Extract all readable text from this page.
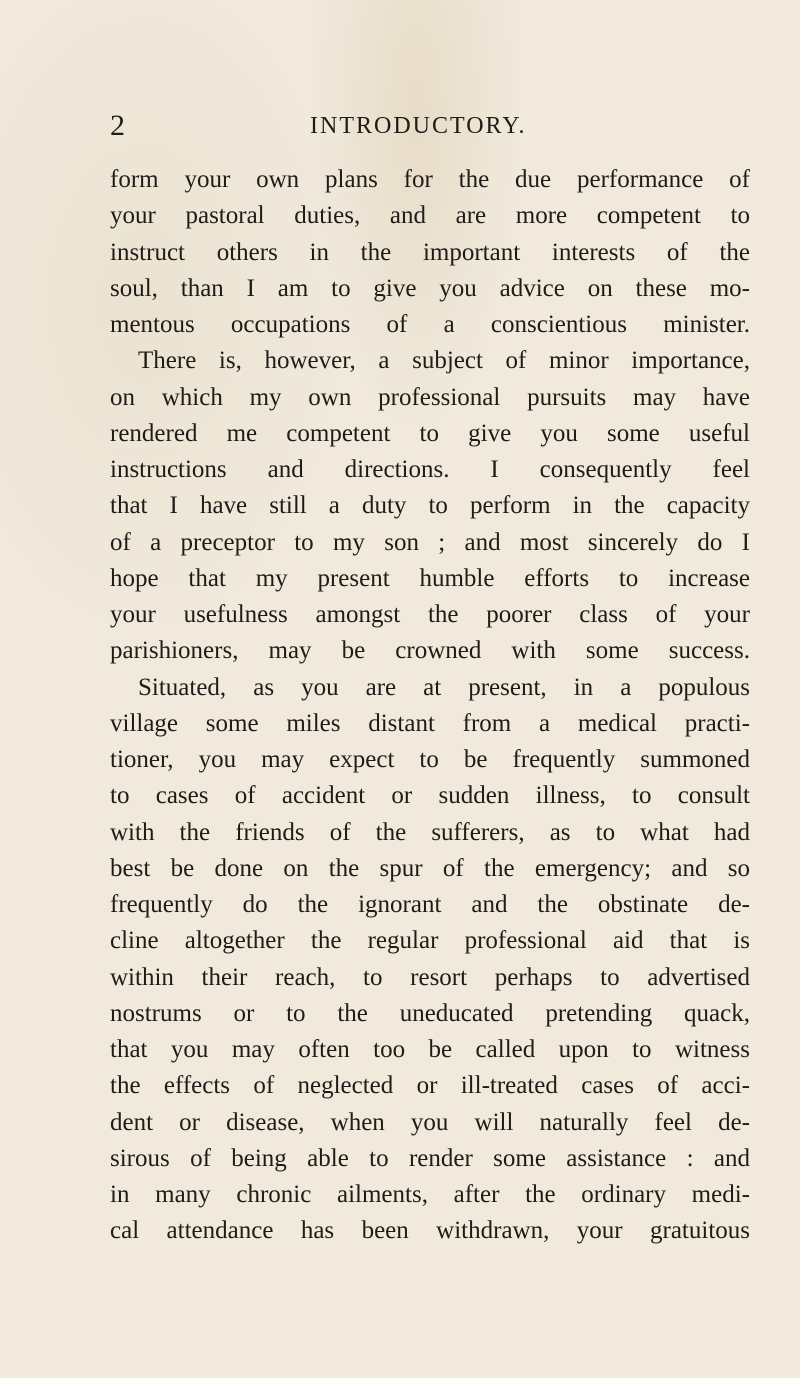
2	INTRODUCTORY.
form your own plans for the due performance of
your pastoral duties, and are more competent to
instruct others in the important interests of the
soul, than I am to give you advice on these mo-
mentous occupations of a conscientious minister.
There is, however, a subject of minor importance,
on which my own professional pursuits may have
rendered me competent to give you some useful
instructions and directions. I consequently feel
that I have still a duty to perform in the capacity
of a preceptor to my son ; and most sincerely do I
hope that my present humble efforts to increase
your usefulness amongst the poorer class of your
parishioners, may be crowned with some success.
Situated, as you are at present, in a populous
village some miles distant from a medical practi-
tioner, you may expect to be frequently summoned
to cases of accident or sudden illness, to consult
with the friends of the sufferers, as to what had
best be done on the spur of the emergency; and so
frequently do the ignorant and the obstinate de-
cline altogether the regular professional aid that is
within their reach, to resort perhaps to advertised
nostrums or to the uneducated pretending quack,
that you may often too be called upon to witness
the effects of neglected or ill-treated cases of acci-
dent or disease, when you will naturally feel de-
sirous of being able to render some assistance : and
in many chronic ailments, after the ordinary medi-
cal attendance has been withdrawn, your gratuitous
